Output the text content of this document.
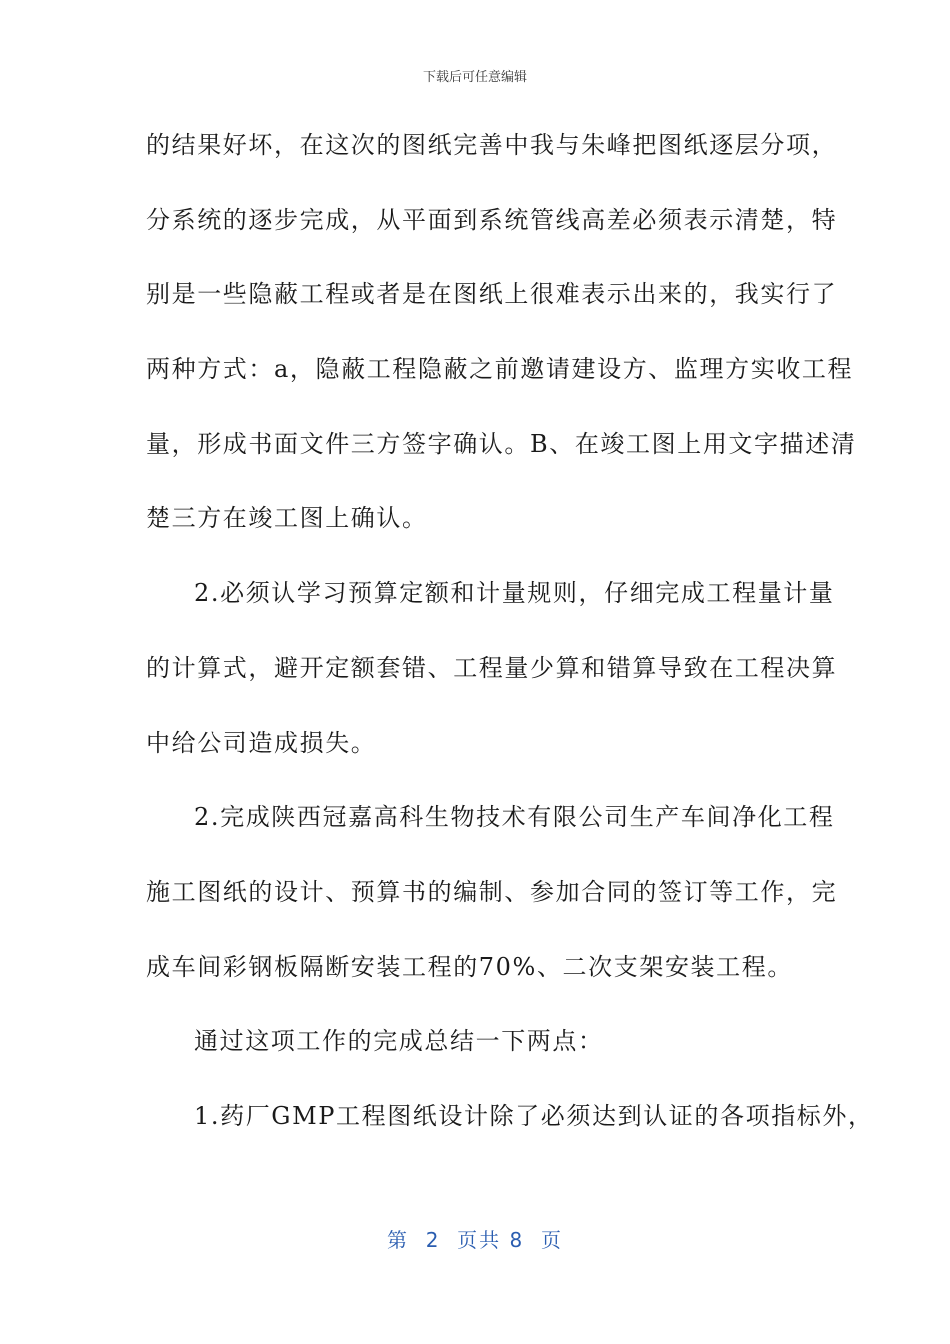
下载后可任意编辑
的结果好坏，在这次的图纸完善中我与朱峰把图纸逐层分项，
分系统的逐步完成，从平面到系统管线高差必须表示清楚，特
别是一些隐蔽工程或者是在图纸上很难表示出来的，我实行了
两种方式：a，隐蔽工程隐蔽之前邀请建设方、监理方实收工程
量，形成书面文件三方签字确认。B、在竣工图上用文字描述清
楚三方在竣工图上确认。
2.必须认学习预算定额和计量规则，仔细完成工程量计量
的计算式，避开定额套错、工程量少算和错算导致在工程决算
中给公司造成损失。
2.完成陕西冠嘉高科生物技术有限公司生产车间净化工程
施工图纸的设计、预算书的编制、参加合同的签订等工作，完
成车间彩钢板隔断安装工程的70%、二次支架安装工程。
通过这项工作的完成总结一下两点：
1.药厂GMP工程图纸设计除了必须达到认证的各项指标外，
第 2 页共 8 页
